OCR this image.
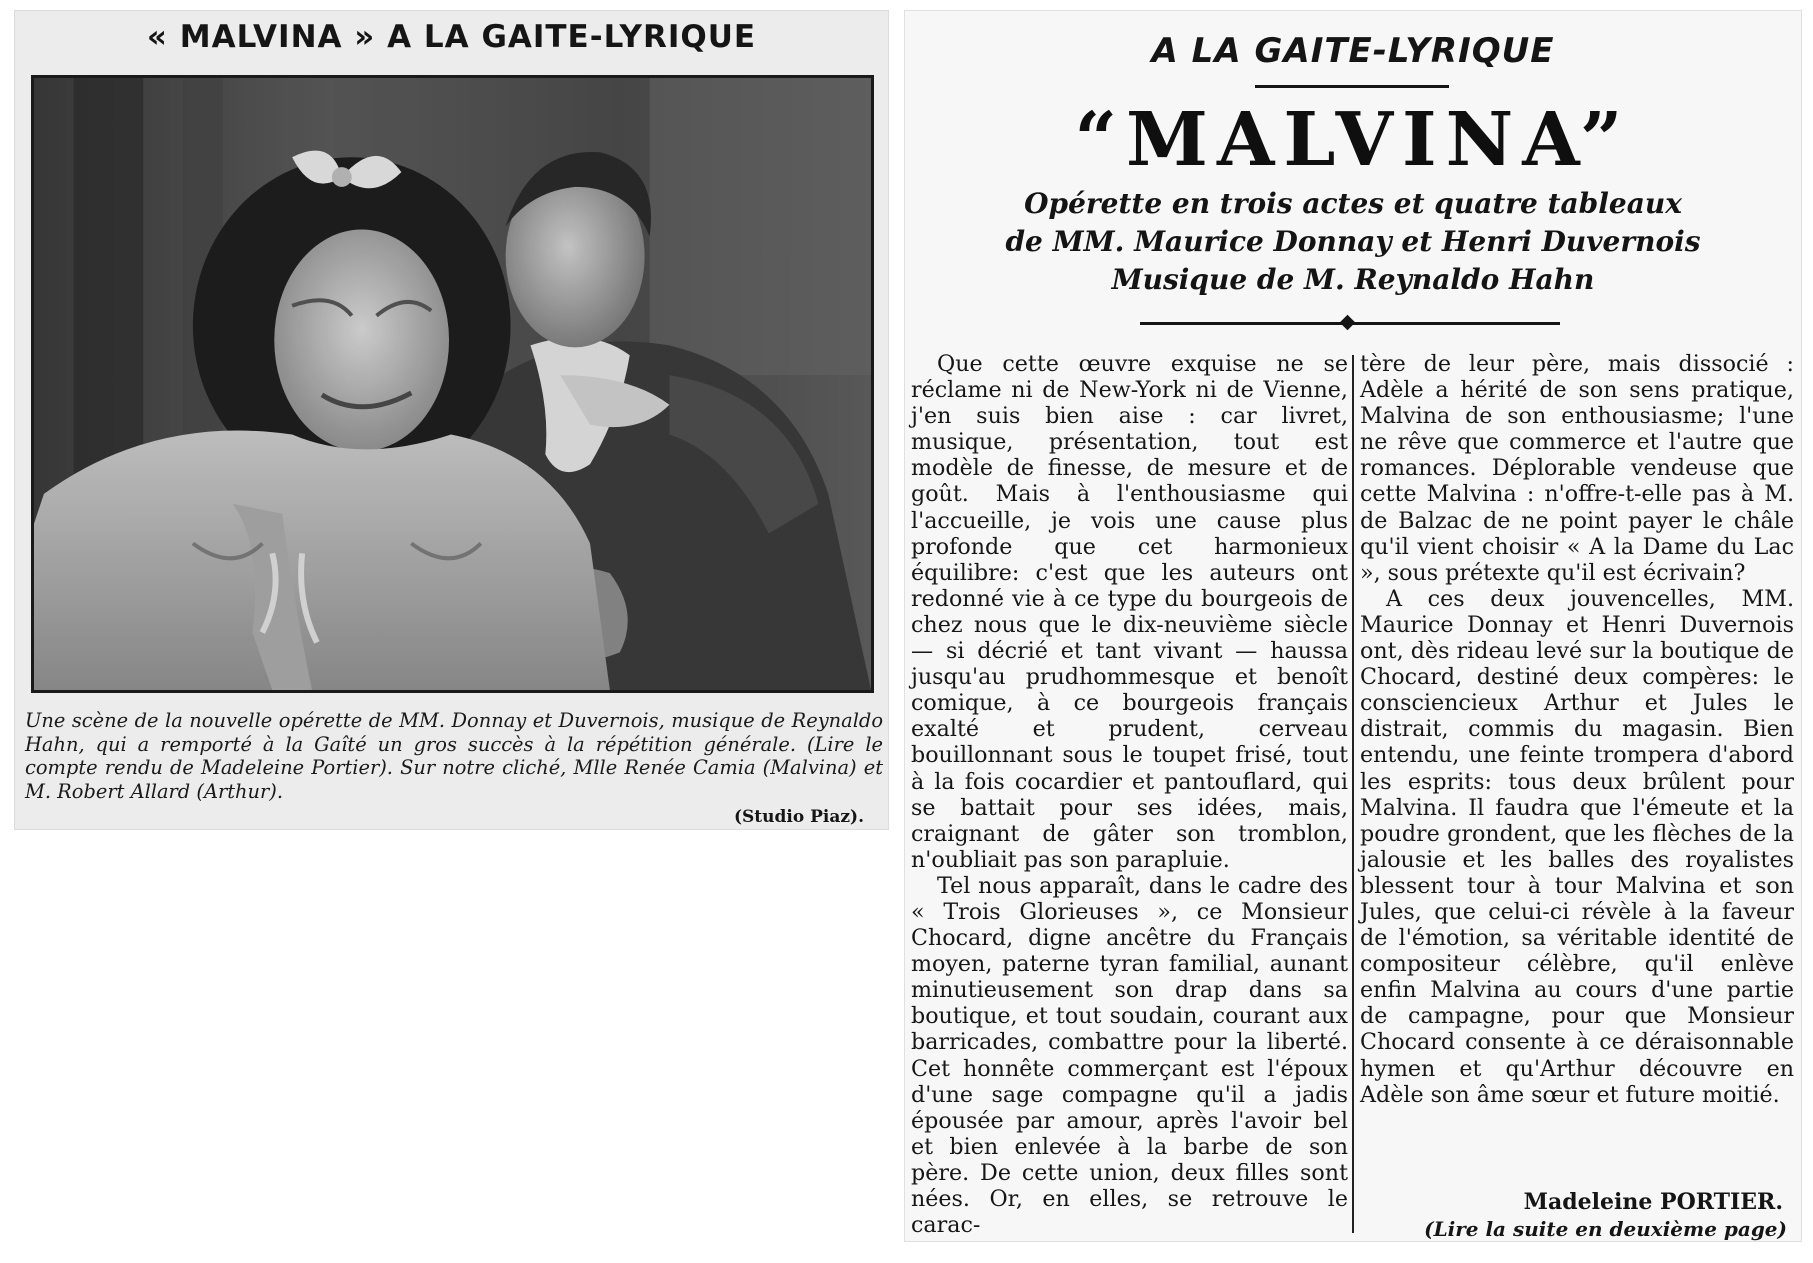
« MALVINA » A LA GAITE-LYRIQUE
Une scène de la nouvelle opérette de MM. Donnay et Duvernois, musique de Reynaldo Hahn, qui a remporté à la Gaîté un gros succès à la répétition générale. (Lire le compte rendu de Madeleine Portier). Sur notre cliché, Mlle Renée Camia (Malvina) et M. Robert Allard (Arthur).
(Studio Piaz).
A LA GAITE-LYRIQUE
“MALVINA”
Opérette en trois actes et quatre tableaux
de MM. Maurice Donnay et Henri Duvernois
Musique de M. Reynaldo Hahn

Que cette œuvre exquise ne se réclame ni de New-York ni de Vienne, j'en suis bien aise : car livret, musique, présentation, tout est modèle de finesse, de mesure et de goût. Mais à l'enthousiasme qui l'accueille, je vois une cause plus profonde que cet harmonieux équilibre: c'est que les auteurs ont redonné vie à ce type du bourgeois de chez nous que le dix-neuvième siècle — si décrié et tant vivant — haussa jusqu'au prudhommesque et benoît comique, à ce bourgeois français exalté et prudent, cerveau bouillonnant sous le toupet frisé, tout à la fois cocardier et pantouflard, qui se battait pour ses idées, mais, craignant de gâter son tromblon, n'oubliait pas son parapluie.

Tel nous apparaît, dans le cadre des « Trois Glorieuses », ce Monsieur Chocard, digne ancêtre du Français moyen, paterne tyran familial, aunant minutieusement son drap dans sa boutique, et tout soudain, courant aux barricades, combattre pour la liberté. Cet honnête commerçant est l'époux d'une sage compagne qu'il a jadis épousée par amour, après l'avoir bel et bien enlevée à la barbe de son père. De cette union, deux filles sont nées. Or, en elles, se retrouve le carac-

tère de leur père, mais dissocié : Adèle a hérité de son sens pratique, Malvina de son enthousiasme; l'une ne rêve que commerce et l'autre que romances. Déplorable vendeuse que cette Malvina : n'offre-t-elle pas à M. de Balzac de ne point payer le châle qu'il vient choisir « A la Dame du Lac », sous prétexte qu'il est écrivain?

A ces deux jouvencelles, MM. Maurice Donnay et Henri Duvernois ont, dès rideau levé sur la boutique de Chocard, destiné deux compères: le consciencieux Arthur et Jules le distrait, commis du magasin. Bien entendu, une feinte trompera d'abord les esprits: tous deux brûlent pour Malvina. Il faudra que l'émeute et la poudre grondent, que les flèches de la jalousie et les balles des royalistes blessent tour à tour Malvina et son Jules, que celui-ci révèle à la faveur de l'émotion, sa véritable identité de compositeur célèbre, qu'il enlève enfin Malvina au cours d'une partie de campagne, pour que Monsieur Chocard consente à ce déraisonnable hymen et qu'Arthur découvre en Adèle son âme sœur et future moitié.

Madeleine PORTIER.
(Lire la suite en deuxième page)
